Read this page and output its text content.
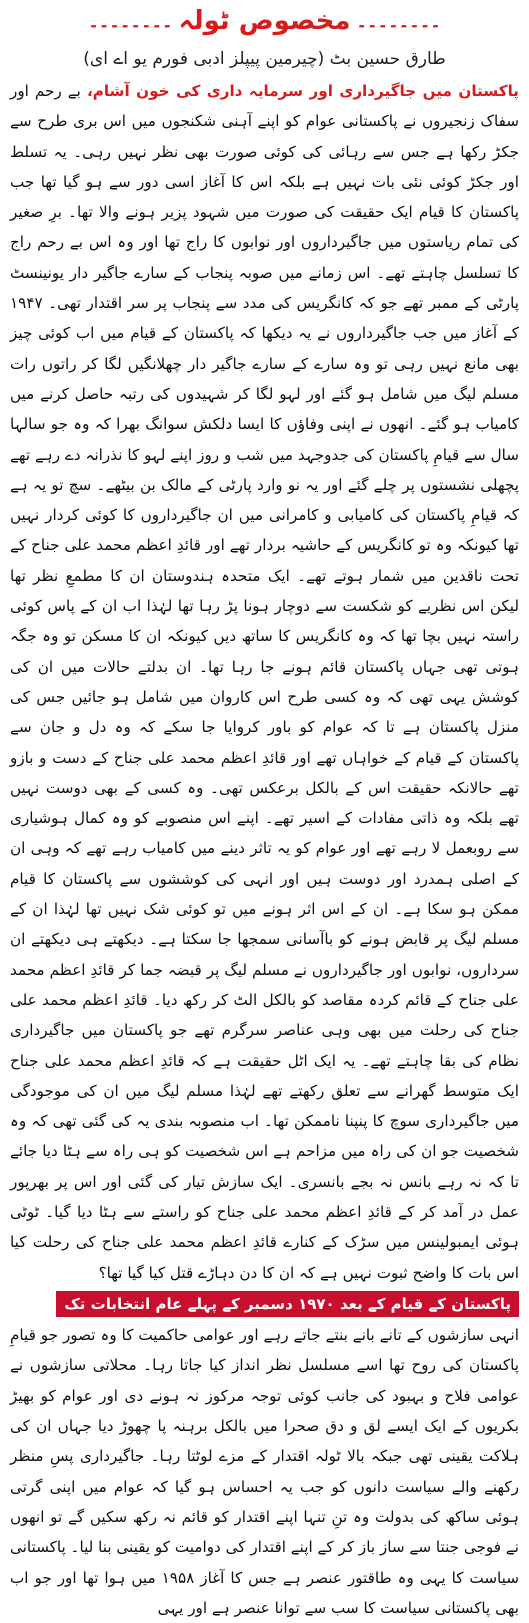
۔۔۔۔۔۔۔۔ مخصوص ٹولہ ۔۔۔۔۔۔۔۔
طارق حسین بٹ (چیرمین پیپلز ادبی فورم یو اے ای)

پاکستان میں جاگیرداری اور سرمایہ داری کی خون آشام، بے رحم اور سفاک زنجیروں نے پاکستانی عوام کو اپنے آہنی شکنجوں میں اس بری طرح سے جکڑ رکھا ہے جس سے رہائی کی کوئی صورت بھی نظر نہیں رہی۔ یہ تسلط اور جکڑ کوئی نئی بات نہیں ہے بلکہ اس کا آغاز اسی دور سے ہو گیا تھا جب پاکستان کا قیام ایک حقیقت کی صورت میں شہود پزیر ہونے والا تھا۔ برِ صغیر کی تمام ریاستوں میں جاگیرداروں اور نوابوں کا راج تھا اور وہ اس بے رحم راج کا تسلسل چاہتے تھے۔ اس زمانے میں صوبہ پنجاب کے سارے جاگیر دار یونینسٹ پارٹی کے ممبر تھے جو کہ کانگریس کی مدد سے پنجاب پر سر اقتدار تھی۔ ۱۹۴۷ کے آغاز میں جب جاگیرداروں نے یہ دیکھا کہ پاکستان کے قیام میں اب کوئی چیز بھی مانع نہیں رہی تو وہ سارے کے سارے جاگیر دار چھلانگیں لگا کر راتوں رات مسلم لیگ میں شامل ہو گئے اور لہو لگا کر شہیدوں کی رتبہ حاصل کرنے میں کامیاب ہو گئے۔ انھوں نے اپنی وفاؤں کا ایسا دلکش سوانگ بھرا کہ وہ جو سالہا سال سے قیامِ پاکستان کی جدوجہد میں شب و روز اپنے لہو کا نذرانہ دے رہے تھے پچھلی نشستوں پر چلے گئے اور یہ نو وارد پارٹی کے مالک بن بیٹھے۔ سچ تو یہ ہے کہ قیامِ پاکستان کی کامیابی و کامرانی میں ان جاگیرداروں کا کوئی کردار نہیں تھا کیونکہ وہ تو کانگریس کے حاشیہ بردار تھے اور قائدِ اعظم محمد علی جناح کے تحت ناقدین میں شمار ہوتے تھے۔ ایک متحدہ ہندوستان ان کا مطمعِ نظر تھا لیکن اس نظریے کو شکست سے دوچار ہونا پڑ رہا تھا لہٰذا اب ان کے پاس کوئی راستہ نہیں بچا تھا کہ وہ کانگریس کا ساتھ دیں کیونکہ ان کا مسکن تو وہ جگہ ہوتی تھی جہاں پاکستان قائم ہونے جا رہا تھا۔ ان بدلتے حالات میں ان کی کوشش یہی تھی کہ وہ کسی طرح اس کاروان میں شامل ہو جائیں جس کی منزل پاکستان ہے تا کہ عوام کو باور کروایا جا سکے کہ وہ دل و جان سے پاکستان کے قیام کے خواہاں تھے اور قائدِ اعظم محمد علی جناح کے دست و بازو تھے حالانکہ حقیقت اس کے بالکل برعکس تھی۔ وہ کسی کے بھی دوست نہیں تھے بلکہ وہ ذاتی مفادات کے اسیر تھے۔ اپنے اس منصوبے کو وہ کمال ہوشیاری سے روبعمل لا رہے تھے اور عوام کو یہ تاثر دینے میں کامیاب رہے تھے کہ وہی ان کے اصلی ہمدرد اور دوست ہیں اور انہی کی کوششوں سے پاکستان کا قیام ممکن ہو سکا ہے۔ ان کے اس اثر ہونے میں تو کوئی شک نہیں تھا لہٰذا ان کے مسلم لیگ پر قابض ہونے کو باآسانی سمجھا جا سکتا ہے۔ دیکھتے ہی دیکھتے ان سرداروں، نوابوں اور جاگیرداروں نے مسلم لیگ پر قبضہ جما کر قائدِ اعظم محمد علی جناح کے قائم کردہ مقاصد کو بالکل الٹ کر رکھ دیا۔ قائدِ اعظم محمد علی جناح کی رحلت میں بھی وہی عناصر سرگرم تھے جو پاکستان میں جاگیرداری نظام کی بقا چاہتے تھے۔ یہ ایک اٹل حقیقت ہے کہ قائدِ اعظم محمد علی جناح ایک متوسط گھرانے سے تعلق رکھتے تھے لہٰذا مسلم لیگ میں ان کی موجودگی میں جاگیرداری سوچ کا پنپنا ناممکن تھا۔ اب منصوبہ بندی یہ کی گئی تھی کہ وہ شخصیت جو ان کی راہ میں مزاحم ہے اس شخصیت کو ہی راہ سے ہٹا دیا جائے تا کہ نہ رہے بانس نہ بجے بانسری۔ ایک سازش تیار کی گئی اور اس پر بھرپور عمل در آمد کر کے قائدِ اعظم محمد علی جناح کو راستے سے ہٹا دیا گیا۔ ٹوٹی ہوئی ایمبولینس میں سڑک کے کنارے قائدِ اعظم محمد علی جناح کی رحلت کیا اس بات کا واضح ثبوت نہیں ہے کہ ان کا دن دہاڑے قتل کیا گیا تھا؟

پاکستان کے قیام کے بعد ۱۹۷۰ دسمبر کے پہلے عام انتخابات تک

انہی سازشوں کے تانے بانے بنتے جاتے رہے اور عوامی حاکمیت کا وہ تصور جو قیامِ پاکستان کی روح تھا اسے مسلسل نظر انداز کیا جاتا رہا۔ محلاتی سازشوں نے عوامی فلاح و بہبود کی جانب کوئی توجہ مرکوز نہ ہونے دی اور عوام کو بھیڑ بکریوں کے ایک ایسے لق و دق صحرا میں بالکل برہنہ پا چھوڑ دیا جہاں ان کی ہلاکت یقینی تھی جبکہ بالا ٹولہ اقتدار کے مزے لوٹتا رہا۔ جاگیرداری پسِ منظر رکھنے والے سیاست دانوں کو جب یہ احساس ہو گیا کہ عوام میں اپنی گرتی ہوئی ساکھ کی بدولت وہ تنِ تنہا اپنے اقتدار کو قائم نہ رکھ سکیں گے تو انھوں نے فوجی جنتا سے ساز باز کر کے اپنے اقتدار کی دوامیت کو یقینی بنا لیا۔ پاکستانی سیاست کا یہی وہ طاقتور عنصر ہے جس کا آغاز ۱۹۵۸ میں ہوا تھا اور جو اب بھی پاکستانی سیاست کا سب سے توانا عنصر ہے اور یہی
